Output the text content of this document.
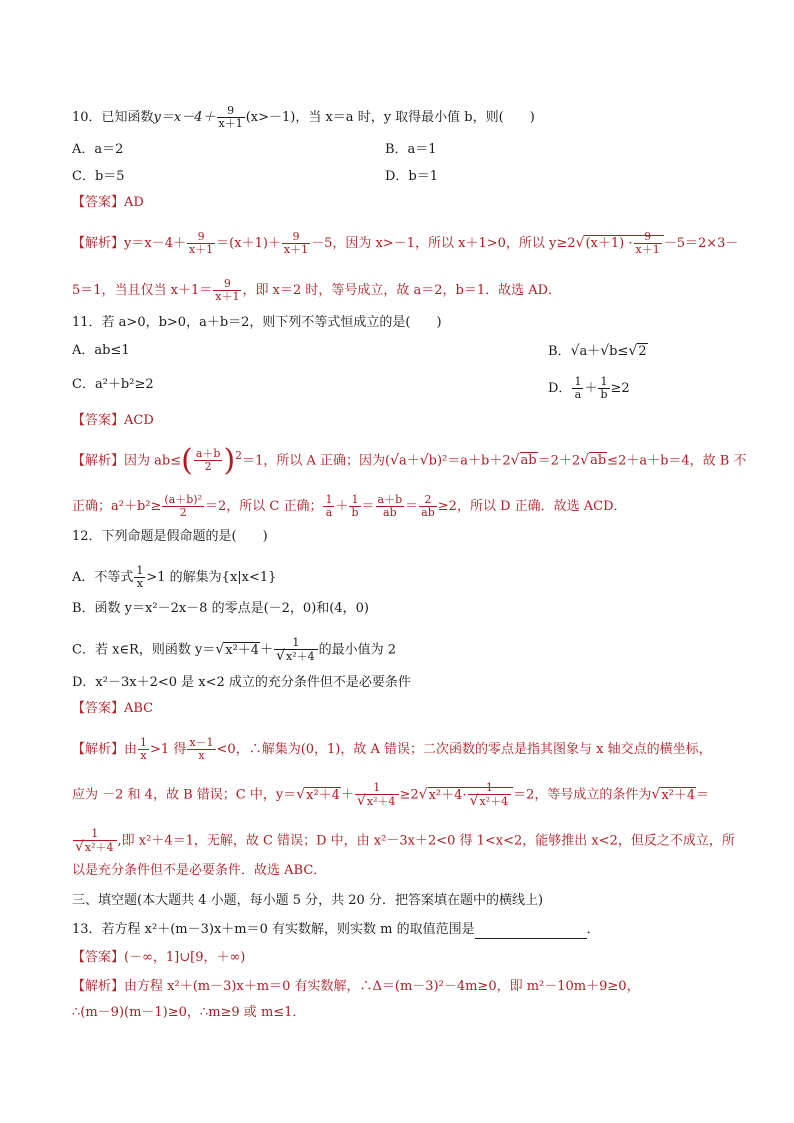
10．已知函数$y=x-4+ \frac{9}{x+1} (x>-1)$，当 x＝a 时，y 取得最小值 b，则(　　)
A．a＝2	B．a＝1
C．b＝5	D．b＝1
【答案】AD
【解析】$y=x-4+ \frac{9}{x+1} =(x+1)+ \frac{9}{x+1} -5$，因为 x>－1，所以 x＋1>0，所以 $y\ge 2√(x+1) \cdot \frac{9}{x+1} -5=2\times 3-$
5＝1，当且仅当 $x+1= \frac{9}{x+1}$ ，即 x＝2 时，等号成立，故 a＝2，b＝1．故选 AD．
11．若 a>0，b>0，a＋b＝2，则下列不等式恒成立的是(　　)
A．ab≤1	B．√a＋√b≤√2
C．a²＋b²≥2	D． $\frac{1}{a} + \frac{1}{b} \ge 2$
【答案】ACD
【解析】因为 $ab\le( \frac{a+b}{2} )^2=1$，所以 A 正确；因为(√a＋√b)²＝a＋b＋2√ab＝2＋2√ab≤2＋a＋b＝4，故 B 不
正确；$a^2+b^2\ge \frac{\text{(a＋b)²}}{2} =2$，所以 C 正确； $\frac{1}{a} + \frac{1}{b} = \frac{a+b}{ab} = \frac{2}{ab} \ge 2$，所以 D 正确．故选 ACD．
12．下列命题是假命题的是(　　)
A．不等式 $\frac{1}{x} >1$ 的解集为{x|x<1}
B．函数 y＝x²－2x－8 的零点是(－2，0)和(4，0)
C．若 x∈R，则函数 $y=√x^2+4+ \frac{1}{\text{√x²＋4}}$ 的最小值为 2
D．x²－3x＋2<0 是 x<2 成立的充分条件但不是必要条件
【答案】ABC
【解析】由 $\frac{1}{x} >1$ 得 $\frac{x-1}{x} <0$，∴解集为(0，1)，故 A 错误；二次函数的零点是指其图象与 x 轴交点的横坐标，
应为 －2 和 4，故 B 错误；C 中，$y=√x^2+4+ \frac{1}{\text{√x²＋4}} \ge 2√x^2+4\cdot \frac{1}{\text{√x²＋4}} =2$，等号成立的条件为√x²＋4＝
$\frac{1}{\text{√x²＋4}}$ ,即 x²＋4＝1，无解，故 C 错误；D 中，由 x²－3x＋2<0 得 1<x<2，能够推出 x<2，但反之不成立，所
以是充分条件但不是必要条件．故选 ABC．
三、填空题(本大题共 4 小题，每小题 5 分，共 20 分．把答案填在题中的横线上)
13．若方程 x²＋(m－3)x＋m＝0 有实数解，则实数 m 的取值范围是	．
【答案】(－∞，1]∪[9，＋∞)
【解析】由方程 x²＋(m－3)x＋m＝0 有实数解，∴Δ＝(m－3)²－4m≥0，即 m²－10m＋9≥0，
∴(m－9)(m－1)≥0，∴m≥9 或 m≤1．
